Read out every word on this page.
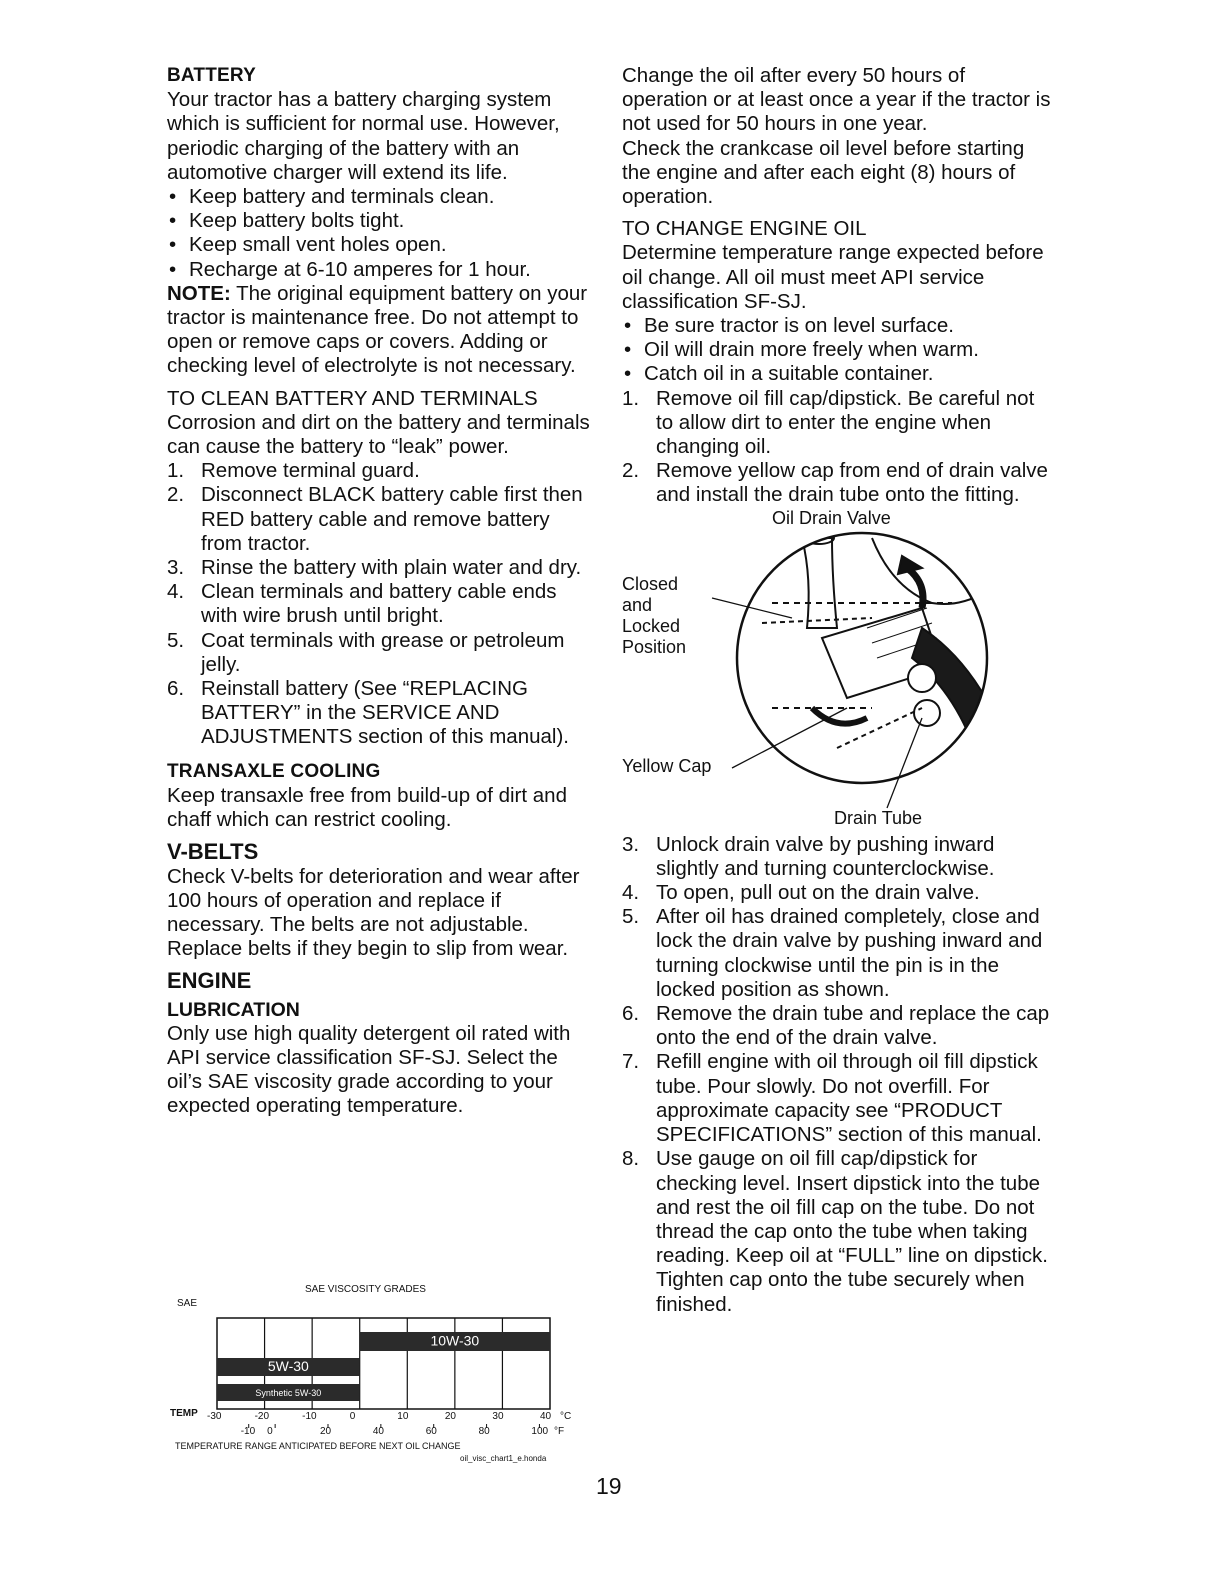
BATTERY

Your tractor has a battery charging system which is sufficient for normal use. However, periodic charging of the battery with an automotive charger will extend its life.

• Keep battery and terminals clean.
• Keep battery bolts tight.
• Keep small vent holes open.
• Recharge at 6-10 amperes for 1 hour.

NOTE: The original equipment battery on your tractor is maintenance free. Do not attempt to open or remove caps or covers. Adding or checking level of electrolyte is not necessary.

TO CLEAN BATTERY AND TERMINALS

Corrosion and dirt on the battery and terminals can cause the battery to “leak” power.

1. Remove terminal guard.
2. Disconnect BLACK battery cable first then RED battery cable and remove battery from tractor.
3. Rinse the battery with plain water and dry.
4. Clean terminals and battery cable ends with wire brush until bright.
5. Coat terminals with grease or petroleum jelly.
6. Reinstall battery (See “REPLACING BATTERY” in the SERVICE AND ADJUSTMENTS section of this manual).

TRANSAXLE COOLING

Keep transaxle free from build-up of dirt and chaff which can restrict cooling.

V-BELTS

Check V-belts for deterioration and wear after 100 hours of operation and replace if necessary. The belts are not adjustable. Replace belts if they begin to slip from wear.

ENGINE

LUBRICATION

Only use high quality detergent oil rated with API service classification SF-SJ. Select the oil’s SAE viscosity grade according to your expected operating temperature.

Change the oil after every 50 hours of operation or at least once a year if the tractor is not used for 50 hours in one year.

Check the crankcase oil level before starting the engine and after each eight (8) hours of operation.

TO CHANGE ENGINE OIL

Determine temperature range expected before oil change. All oil must meet API service classification SF-SJ.

• Be sure tractor is on level surface.
• Oil will drain more freely when warm.
• Catch oil in a suitable container.
1. Remove oil fill cap/dipstick. Be careful not to allow dirt to enter the engine when changing oil.
2. Remove yellow cap from end of drain valve and install the drain tube onto the fitting.
Oil Drain Valve
Closed and Locked Position
Yellow Cap
Drain Tube
3. Unlock drain valve by pushing inward slightly and turning counterclockwise.
4. To open, pull out on the drain valve.
5. After oil has drained completely, close and lock the drain valve by pushing inward and turning clockwise until the pin is in the locked position as shown.
6. Remove the drain tube and replace the cap onto the end of the drain valve.
7. Refill engine with oil through oil fill dipstick tube. Pour slowly. Do not overfill. For approximate capacity see “PRODUCT SPECIFICATIONS” section of this manual.
8. Use gauge on oil fill cap/dipstick for checking level. Insert dipstick into the tube and rest the oil fill cap on the tube. Do not thread the cap onto the tube when taking reading. Keep oil at “FULL” line on dipstick. Tighten cap onto the tube securely when finished.
10W-30
5W-30
Synthetic 5W-30
SAE VISCOSITY GRADES
SAE
TEMP -30	-20	-10	0	10	20	30	40 °C
-10 0	20	40	60	80	100 °F
TEMPERATURE RANGE ANTICIPATED BEFORE NEXT OIL CHANGE
oil_visc_chart1_e.honda
19
